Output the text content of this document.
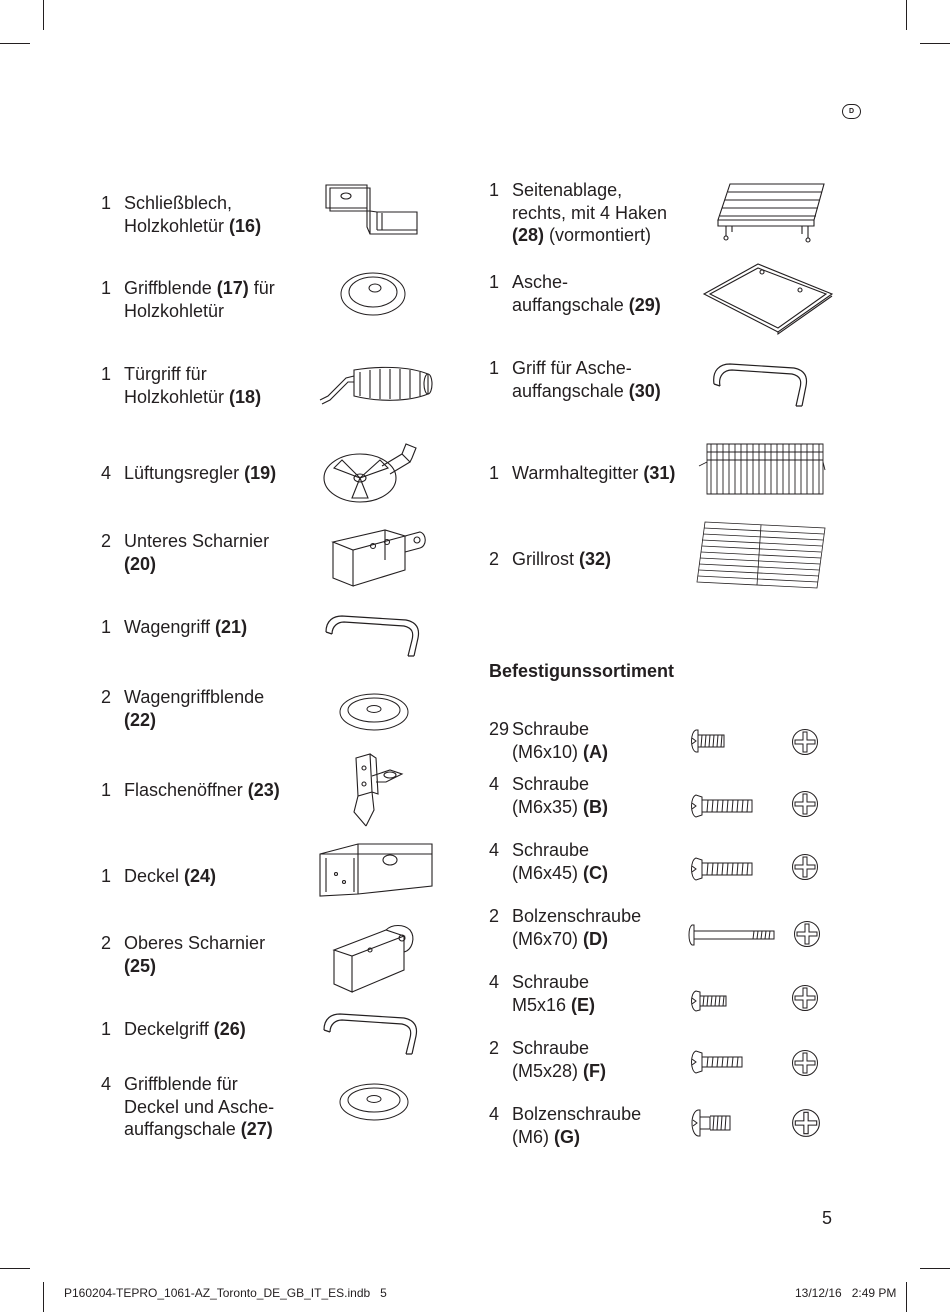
D
1 Schließblech,
Holzkohletür (16)
1 Griffblende (17) für
Holzkohletür
1 Türgriff für
Holzkohletür (18)
4 Lüftungsregler (19)
2 Unteres Scharnier
(20)
1 Wagengriff (21)
2 Wagengriffblende
(22)
1 Flaschenöffner (23)
1 Deckel (24)
2 Oberes Scharnier
(25)
1 Deckelgriff (26)
4 Griffblende für
Deckel und Asche-
auffangschale (27)
1 Seitenablage,
rechts, mit 4 Haken
(28) (vormontiert)
1 Asche-
auffangschale (29)
1 Griff für Asche-
auffangschale (30)
1 Warmhaltegitter (31)
2 Grillrost (32)
Befestigunssortiment
29 Schraube
(M6x10) (A)
4 Schraube
(M6x35) (B)
4 Schraube
(M6x45) (C)
2 Bolzenschraube
(M6x70) (D)
4 Schraube
M5x16 (E)
2 Schraube
(M5x28) (F)
4 Bolzenschraube
(M6) (G)
5
P160204-TEPRO_1061-AZ_Toronto_DE_GB_IT_ES.indb   5	13/12/16   2:49 PM
